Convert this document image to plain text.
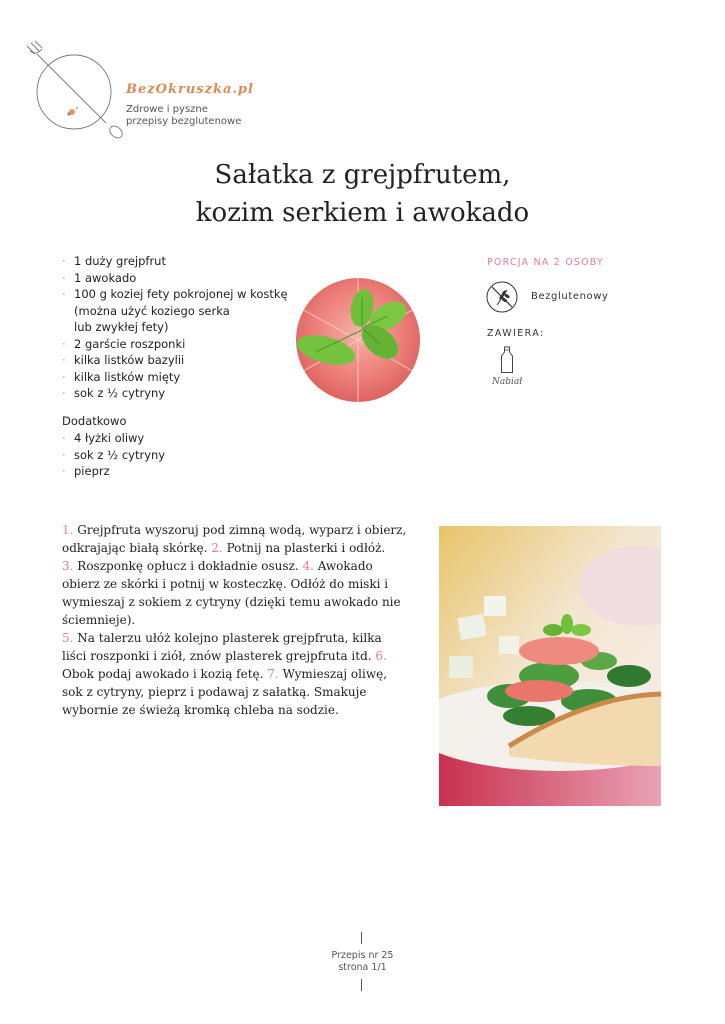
BezOkruszka.pl
Zdrowe i pyszne
przepisy bezglutenowe
Sałatka z grejpfrutem,
kozim serkiem i awokado
· 1 duży grejpfrut
· 1 awokado
· 100 g koziej fety pokrojonej w kostkę
(można użyć koziego serka
lub zwykłej fety)
· 2 garście roszponki
· kilka listków bazylii
· kilka listków mięty
· sok z ½ cytryny
Dodatkowo
· 4 łyżki oliwy
· sok z ½ cytryny
· pieprz
PORCJA NA 2 OSOBY
Bezglutenowy
ZAWIERA:
Nabiał
1. Grejpfruta wyszoruj pod zimną wodą, wyparz i obierz, odkrajając białą skórkę. 2. Potnij na plasterki i odłóż.
3. Roszponkę opłucz i dokładnie osusz. 4. Awokado obierz ze skórki i potnij w kosteczkę. Odłóż do miski i wymieszaj z sokiem z cytryny (dzięki temu awokado nie ściemnieje).
5. Na talerzu ułóż kolejno plasterek grejpfruta, kilka liści roszponki i ziół, znów plasterek grejpfruta itd. 6. Obok podaj awokado i kozią fetę. 7. Wymieszaj oliwę, sok z cytryny, pieprz i podawaj z sałatką. Smakuje wybornie ze świeżą kromką chleba na sodzie.
Przepis nr 25
strona 1/1
